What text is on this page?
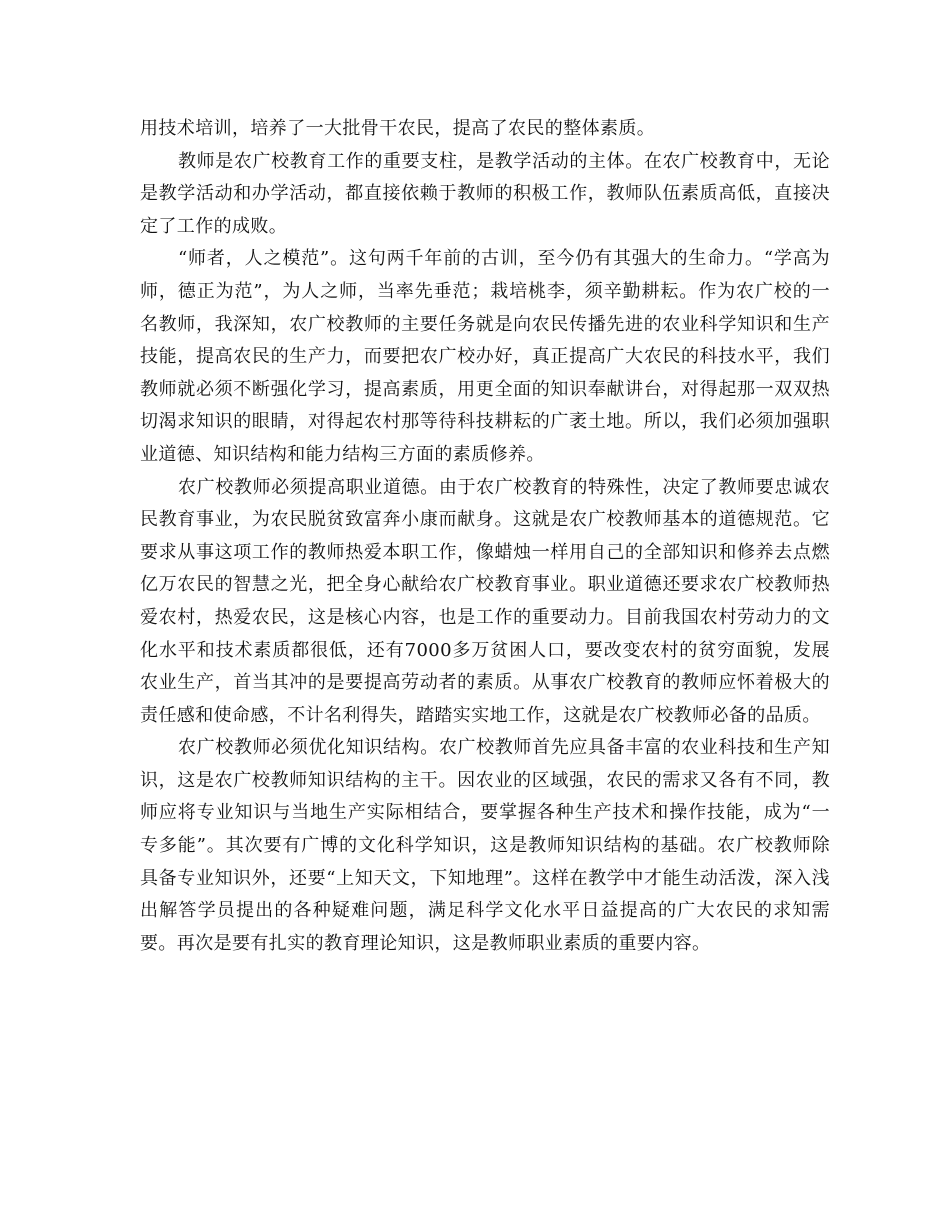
用技术培训，培养了一大批骨干农民，提高了农民的整体素质。

教师是农广校教育工作的重要支柱，是教学活动的主体。在农广校教育中，无论是教学活动和办学活动，都直接依赖于教师的积极工作，教师队伍素质高低，直接决定了工作的成败。

“师者，人之模范”。这句两千年前的古训，至今仍有其强大的生命力。“学高为师，德正为范”，为人之师，当率先垂范；栽培桃李，须辛勤耕耘。作为农广校的一名教师，我深知，农广校教师的主要任务就是向农民传播先进的农业科学知识和生产技能，提高农民的生产力，而要把农广校办好，真正提高广大农民的科技水平，我们教师就必须不断强化学习，提高素质，用更全面的知识奉献讲台，对得起那一双双热切渴求知识的眼睛，对得起农村那等待科技耕耘的广袤土地。所以，我们必须加强职业道德、知识结构和能力结构三方面的素质修养。

农广校教师必须提高职业道德。由于农广校教育的特殊性，决定了教师要忠诚农民教育事业，为农民脱贫致富奔小康而献身。这就是农广校教师基本的道德规范。它要求从事这项工作的教师热爱本职工作，像蜡烛一样用自己的全部知识和修养去点燃亿万农民的智慧之光，把全身心献给农广校教育事业。职业道德还要求农广校教师热爱农村，热爱农民，这是核心内容，也是工作的重要动力。目前我国农村劳动力的文化水平和技术素质都很低，还有7000多万贫困人口，要改变农村的贫穷面貌，发展农业生产，首当其冲的是要提高劳动者的素质。从事农广校教育的教师应怀着极大的责任感和使命感，不计名利得失，踏踏实实地工作，这就是农广校教师必备的品质。

农广校教师必须优化知识结构。农广校教师首先应具备丰富的农业科技和生产知识，这是农广校教师知识结构的主干。因农业的区域强，农民的需求又各有不同，教师应将专业知识与当地生产实际相结合，要掌握各种生产技术和操作技能，成为“一专多能”。其次要有广博的文化科学知识，这是教师知识结构的基础。农广校教师除具备专业知识外，还要“上知天文，下知地理”。这样在教学中才能生动活泼，深入浅出解答学员提出的各种疑难问题，满足科学文化水平日益提高的广大农民的求知需要。再次是要有扎实的教育理论知识，这是教师职业素质的重要内容。
